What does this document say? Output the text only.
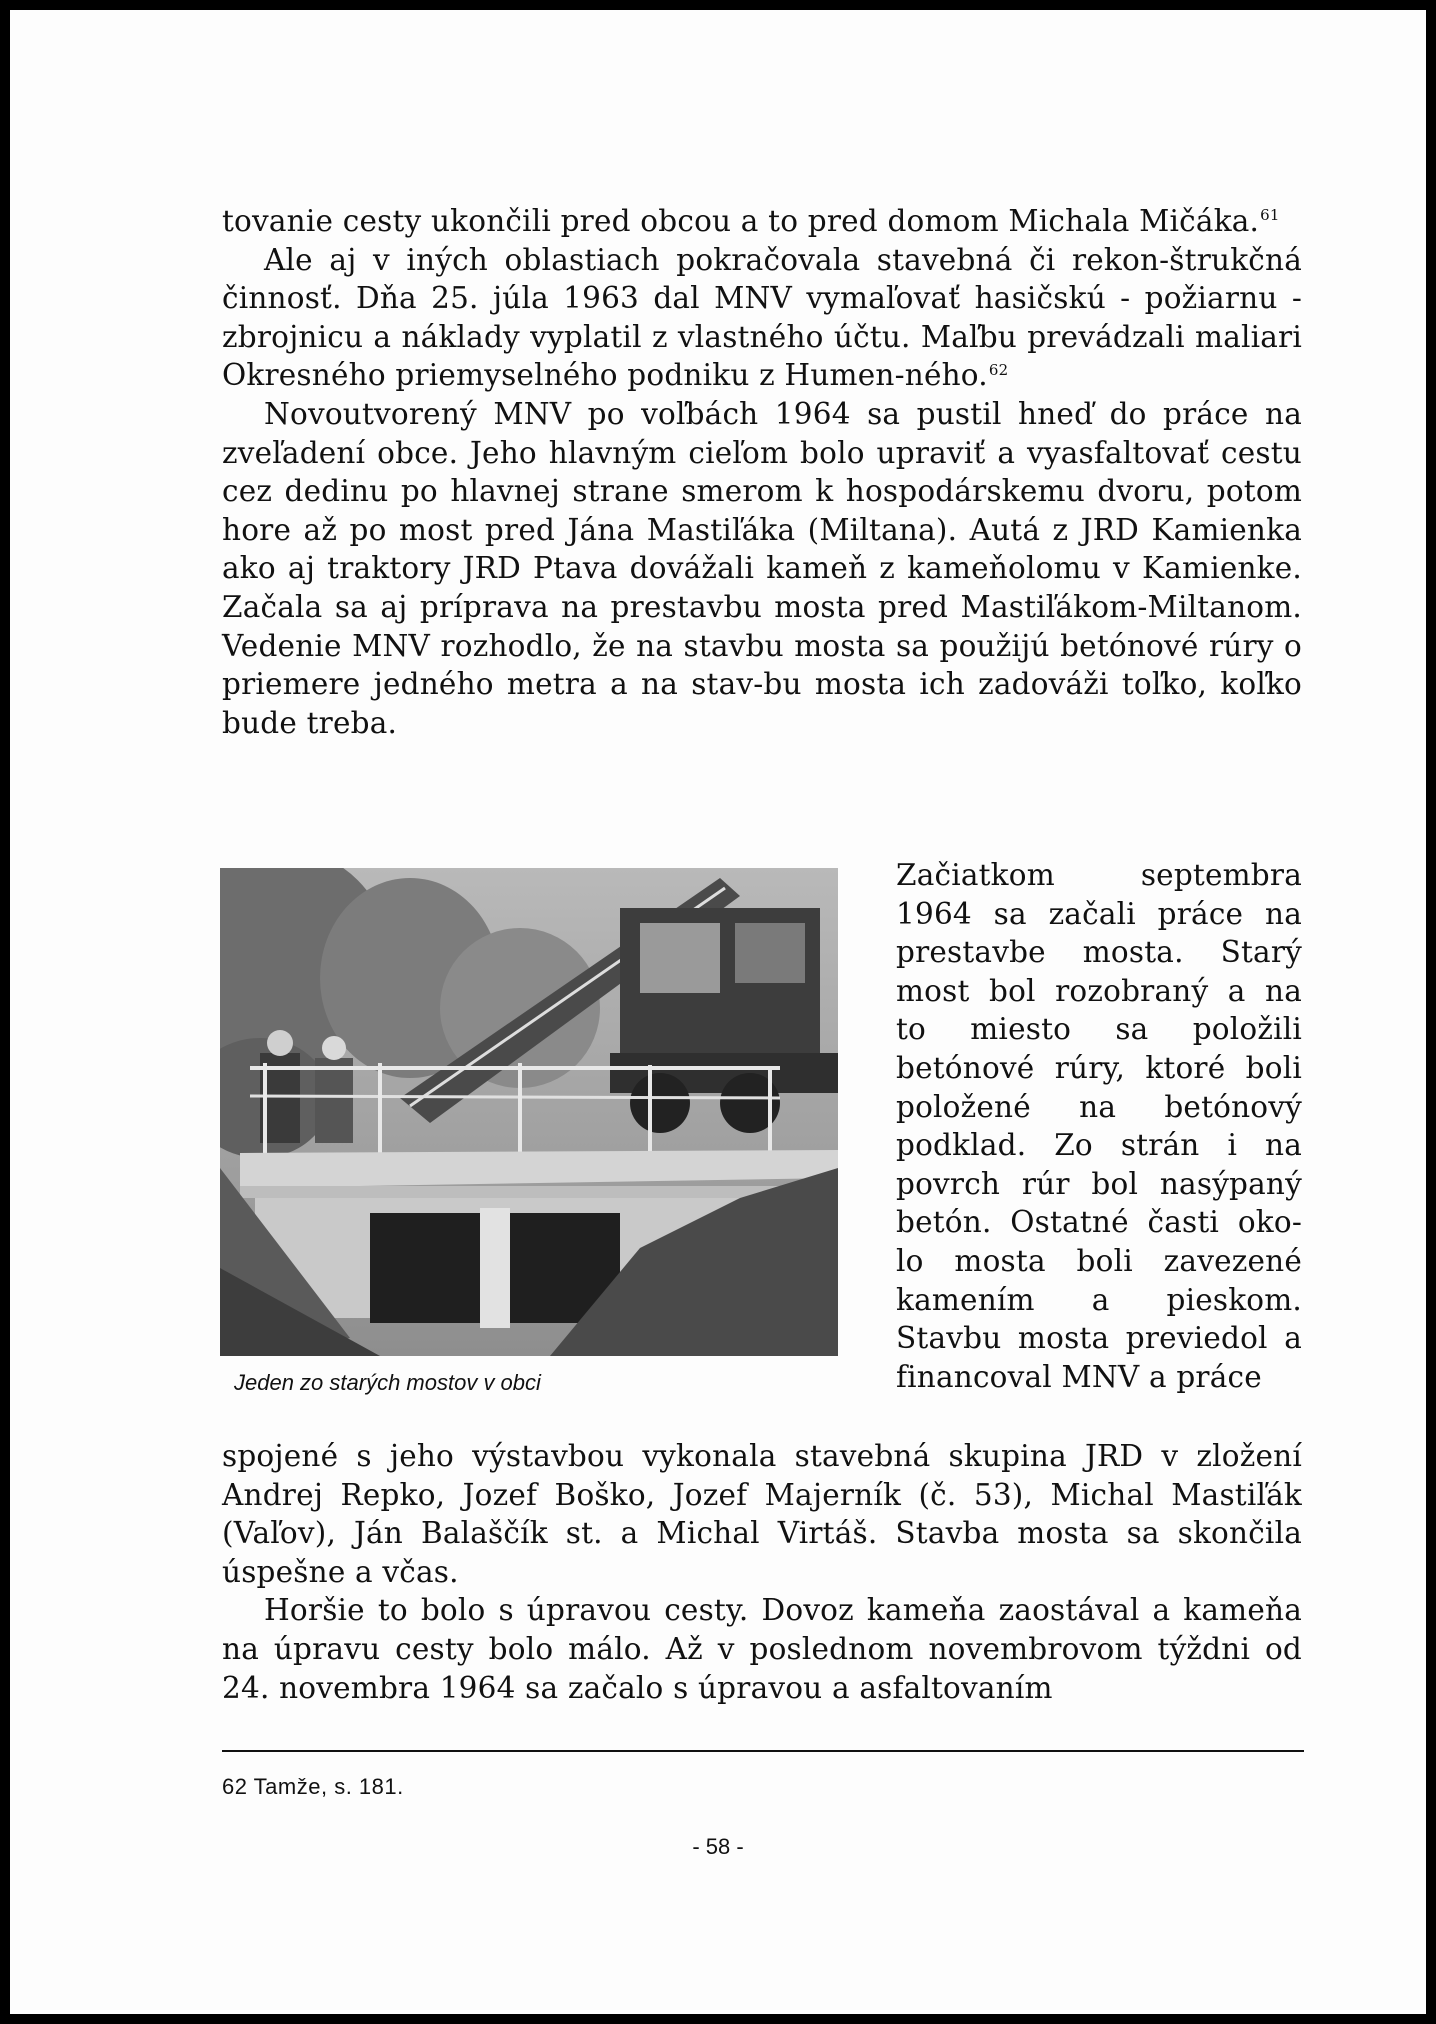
tovanie cesty ukončili pred obcou a to pred domom Michala Mičáka.$^{61}$

Ale aj v iných oblastiach pokračovala stavebná či rekon-štrukčná činnosť. Dňa 25. júla 1963 dal MNV vymaľovať hasičskú - požiarnu - zbrojnicu a náklady vyplatil z vlastného účtu. Maľbu prevádzali maliari Okresného priemyselného podniku z Humen-ného.$^{62}$

Novoutvorený MNV po voľbách 1964 sa pustil hneď do práce na zveľadení obce. Jeho hlavným cieľom bolo upraviť a vyasfaltovať cestu cez dedinu po hlavnej strane smerom k hospodárskemu dvoru, potom hore až po most pred Jána Mastiľáka (Miltana). Autá z JRD Kamienka ako aj traktory JRD Ptava dovážali kameň z kameňolomu v Kamienke. Začala sa aj príprava na prestavbu mosta pred Mastiľákom-Miltanom. Vedenie MNV rozhodlo, že na stavbu mosta sa použijú betónové rúry o priemere jedného metra a na stav-bu mosta ich zadováži toľko, koľko bude treba.

Jeden zo starých mostov v obci

Začiatkom septembra 1964 sa začali práce na prestavbe mosta. Starý most bol rozobraný a na to miesto sa položili betónové rúry, ktoré boli položené na betónový podklad. Zo strán i na povrch rúr bol nasýpaný betón. Ostatné časti oko-lo mosta boli zavezené kamením a pieskom. Stavbu mosta previedol a financoval MNV a práce

spojené s jeho výstavbou vykonala stavebná skupina JRD v zložení Andrej Repko, Jozef Boško, Jozef Majerník (č. 53), Michal Mastiľák (Vaľov), Ján Balaščík st. a Michal Virtáš. Stavba mosta sa skončila úspešne a včas.

Horšie to bolo s úpravou cesty. Dovoz kameňa zaostával a kameňa na úpravu cesty bolo málo. Až v poslednom novembrovom týždni od 24. novembra 1964 sa začalo s úpravou a asfaltovaním

62 Tamže, s. 181.
- 58 -
